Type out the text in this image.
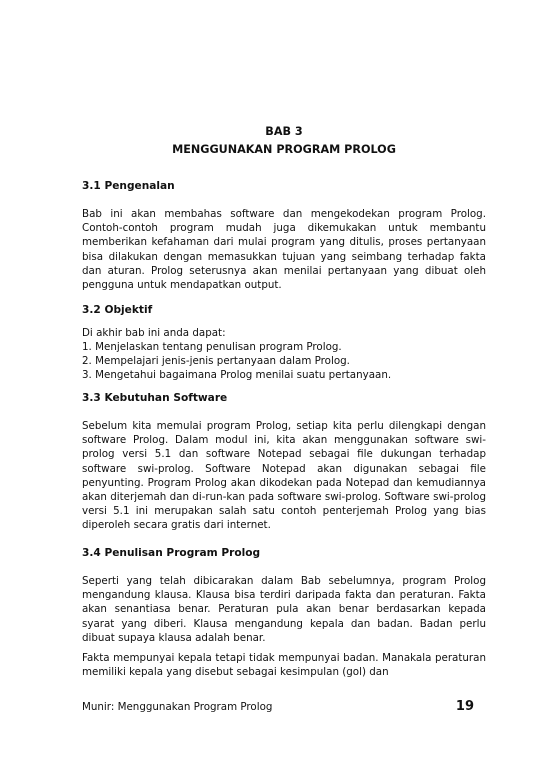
BAB 3
MENGGUNAKAN PROGRAM PROLOG
3.1 Pengenalan

Bab ini akan membahas software dan mengekodekan program Prolog. Contoh-contoh program mudah juga dikemukakan untuk membantu memberikan kefahaman dari mulai program yang ditulis, proses pertanyaan bisa dilakukan dengan memasukkan tujuan yang seimbang terhadap fakta dan aturan. Prolog seterusnya akan menilai pertanyaan yang dibuat oleh pengguna untuk mendapatkan output.

3.2 Objektif

Di akhir bab ini anda dapat:

1. Menjelaskan tentang penulisan program Prolog.
2. Mempelajari jenis-jenis pertanyaan dalam Prolog.
3. Mengetahui bagaimana Prolog menilai suatu pertanyaan.
3.3 Kebutuhan Software

Sebelum kita memulai program Prolog, setiap kita perlu dilengkapi dengan software Prolog. Dalam modul ini, kita akan menggunakan software swi-prolog versi 5.1 dan software Notepad sebagai file dukungan terhadap software swi-prolog. Software Notepad akan digunakan sebagai file penyunting. Program Prolog akan dikodekan pada Notepad dan kemudiannya akan diterjemah dan di-run-kan pada software swi-prolog. Software swi-prolog versi 5.1 ini merupakan salah satu contoh penterjemah Prolog yang bias diperoleh secara gratis dari internet.

3.4 Penulisan Program Prolog

Seperti yang telah dibicarakan dalam Bab sebelumnya, program Prolog mengandung klausa. Klausa bisa terdiri daripada fakta dan peraturan. Fakta akan senantiasa benar. Peraturan pula akan benar berdasarkan kepada syarat yang diberi. Klausa mengandung kepala dan badan. Badan perlu dibuat supaya klausa adalah benar.

Fakta mempunyai kepala tetapi tidak mempunyai badan. Manakala peraturan memiliki kepala yang disebut sebagai kesimpulan (gol) dan

Munir: Menggunakan Program Prolog	19
